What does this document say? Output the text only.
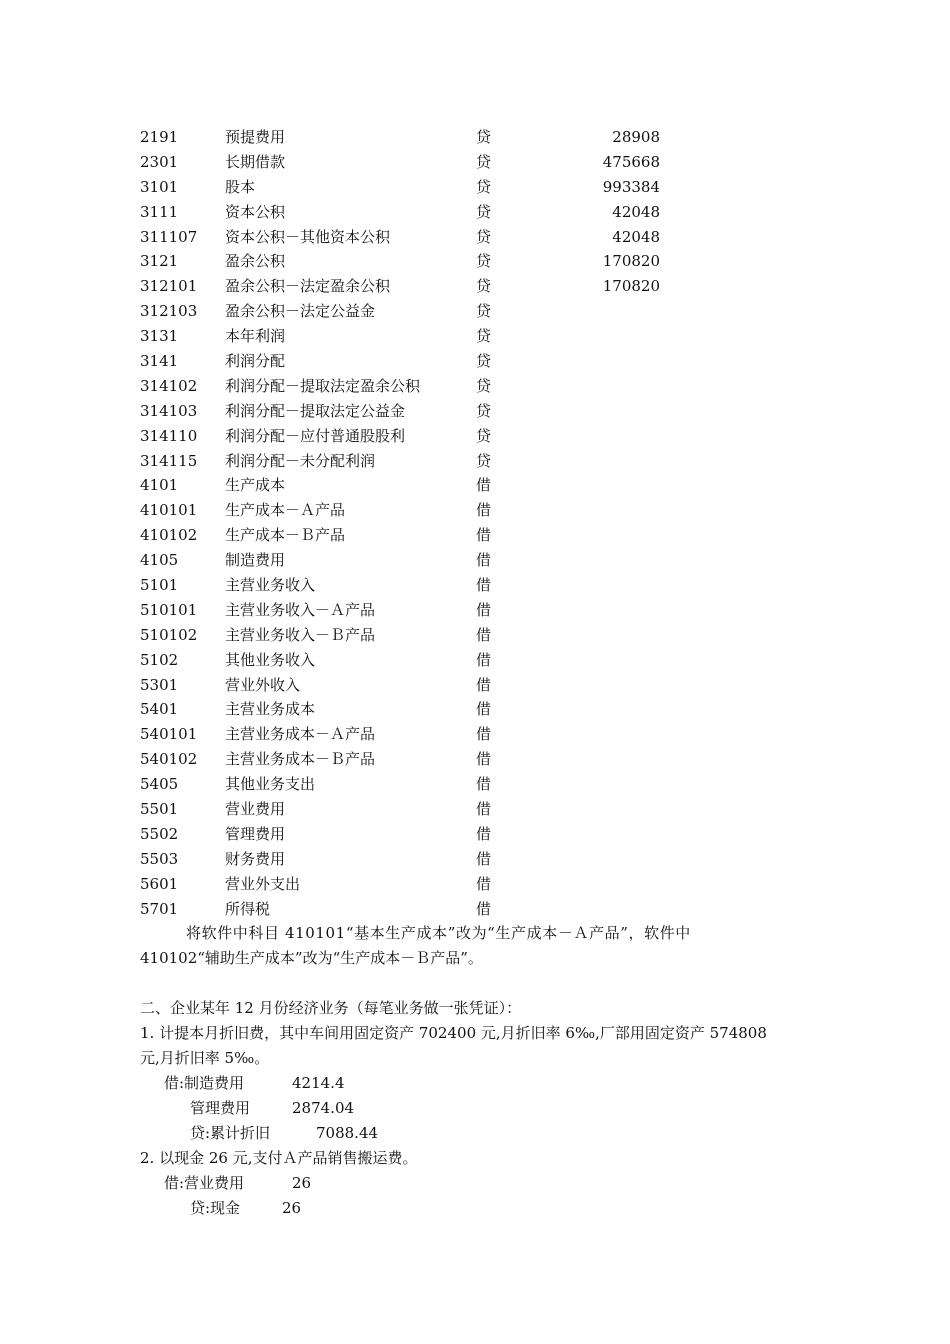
2191	预提费用	贷	28908
2301	长期借款	贷	475668
3101	股本	贷	993384
3111	资本公积	贷	42048
311107 资本公积－其他资本公积	贷	42048
3121	盈余公积	贷	170820
312101 盈余公积－法定盈余公积	贷	170820
312103 盈余公积－法定公益金	贷
3131	本年利润	贷
3141	利润分配	贷
314102 利润分配－提取法定盈余公积	贷
314103 利润分配－提取法定公益金	贷
314110 利润分配－应付普通股股利	贷
314115 利润分配－未分配利润	贷
4101	生产成本	借
410101 生产成本－Ａ产品	借
410102 生产成本－Ｂ产品	借
4105	制造费用	借
5101	主营业务收入	借
510101 主营业务收入－Ａ产品	借
510102 主营业务收入－Ｂ产品	借
5102	其他业务收入	借
5301	营业外收入	借
5401	主营业务成本	借
540101 主营业务成本－Ａ产品	借
540102 主营业务成本－Ｂ产品	借
5405	其他业务支出	借
5501	营业费用	借
5502	管理费用	借
5503	财务费用	借
5601	营业外支出	借
5701	所得税	借
将软件中科目 410101“基本生产成本”改为“生产成本－Ａ产品”，软件中
410102“辅助生产成本”改为“生产成本－Ｂ产品”。
二、企业某年 12 月份经济业务（每笔业务做一张凭证）：
1. 计提本月折旧费，其中车间用固定资产 702400 元,月折旧率 6‰,厂部用固定资产 574808
元,月折旧率 5‰。
借:制造费用	4214.4
管理费用	2874.04
贷:累计折旧	7088.44
2. 以现金 26 元,支付Ａ产品销售搬运费。
借:营业费用	26
贷:现金	26
